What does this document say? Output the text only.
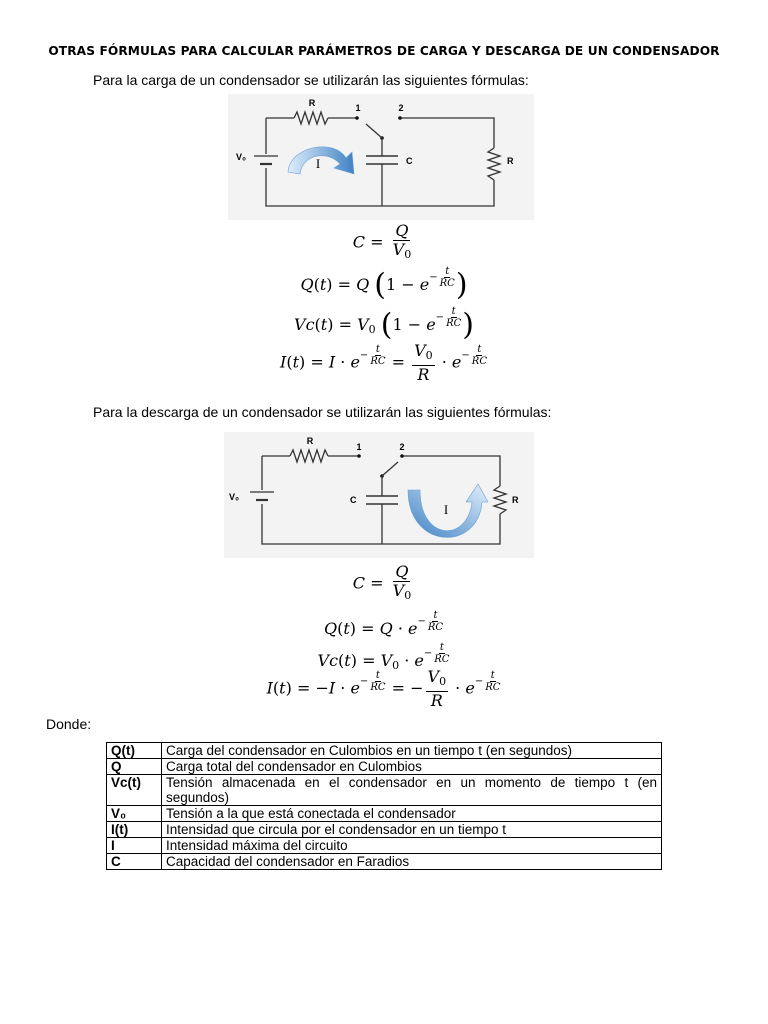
OTRAS FÓRMULAS PARA CALCULAR PARÁMETROS DE CARGA Y DESCARGA DE UN CONDENSADOR
Para la carga de un condensador se utilizarán las siguientes fórmulas:
R	1	2
V₀	I	C	R
$C = \frac{Q}{V_0}$
Q(t) = Q (1 − e−
t
RC )
$Vc(t) = V_0$ (1 − e−
t
RC )
I(t) = I · e−
t
RC = $\frac{V_0}{R} \cdot e-$
t
RC
Para la descarga de un condensador se utilizarán las siguientes fórmulas:
R
1	2
V₀
I
C	R
$C = \frac{Q}{V_0}$
Q(t) = Q · e−
t
RC
$Vc(t) = V_0 \cdot e-$
t
RC
I(t) = −I · e−
t
RC = − $\frac{V_0}{R} \cdot e-$
t
RC
Donde:
Q(t)	Carga del condensador en Culombios en un tiempo t (en segundos)
Q	Carga total del condensador en Culombios
Vc(t)	Tensión almacenada en el condensador en un momento de tiempo t (en segundos)
V₀	Tensión a la que está conectada el condensador
I(t)	Intensidad que circula por el condensador en un tiempo t
I	Intensidad máxima del circuito
C	Capacidad del condensador en Faradios
